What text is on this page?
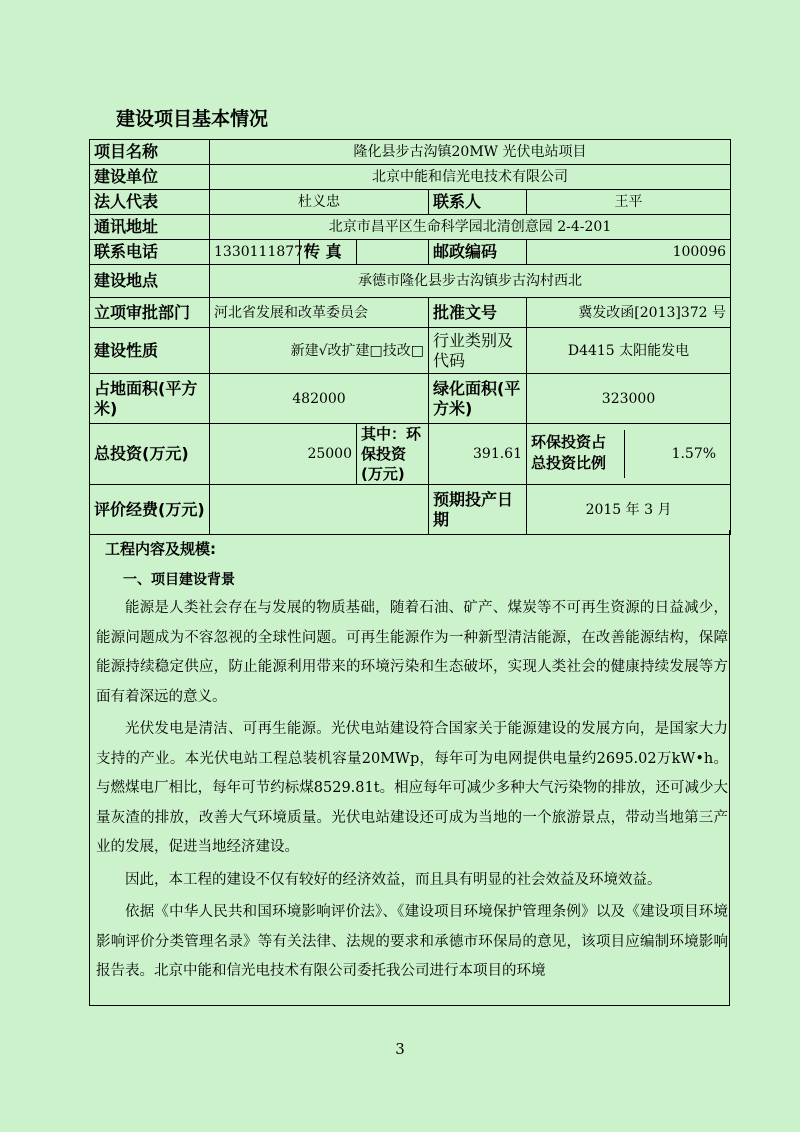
建设项目基本情况
项目名称	隆化县步古沟镇20MW 光伏电站项目				
建设单位	北京中能和信光电技术有限公司				
法人代表	杜义忠			联系人	王平
通讯地址	北京市昌平区生命科学园北清创意园 2-4-201				
联系电话	13301118777	传 真		邮政编码	100096
建设地点	承德市隆化县步古沟镇步古沟村西北				
立项审批部门	河北省发展和改革委员会			批准文号	冀发改函[2013]372 号
建设性质	新建√改扩建□技改□			行业类别及代码	D4415 太阳能发电
占地面积(平方米)	482000			绿化面积(平方米)	323000
总投资(万元)	25000		其中：环保投资(万元)	391.61	环保投资占总投资比例 1.57%

评价经费(万元)				预期投产日期	2015 年 3 月
工程内容及规模:
一、项目建设背景

能源是人类社会存在与发展的物质基础，随着石油、矿产、煤炭等不可再生资源的日益减少，能源问题成为不容忽视的全球性问题。可再生能源作为一种新型清洁能源，在改善能源结构，保障能源持续稳定供应，防止能源利用带来的环境污染和生态破坏，实现人类社会的健康持续发展等方面有着深远的意义。

光伏发电是清洁、可再生能源。光伏电站建设符合国家关于能源建设的发展方向，是国家大力支持的产业。本光伏电站工程总装机容量20MWp，每年可为电网提供电量约2695.02万kW•h。与燃煤电厂相比，每年可节约标煤8529.81t。相应每年可减少多种大气污染物的排放，还可减少大量灰渣的排放，改善大气环境质量。光伏电站建设还可成为当地的一个旅游景点，带动当地第三产业的发展，促进当地经济建设。

因此，本工程的建设不仅有较好的经济效益，而且具有明显的社会效益及环境效益。

依据《中华人民共和国环境影响评价法》、《建设项目环境保护管理条例》以及《建设项目环境影响评价分类管理名录》等有关法律、法规的要求和承德市环保局的意见，该项目应编制环境影响报告表。北京中能和信光电技术有限公司委托我公司进行本项目的环境

3
